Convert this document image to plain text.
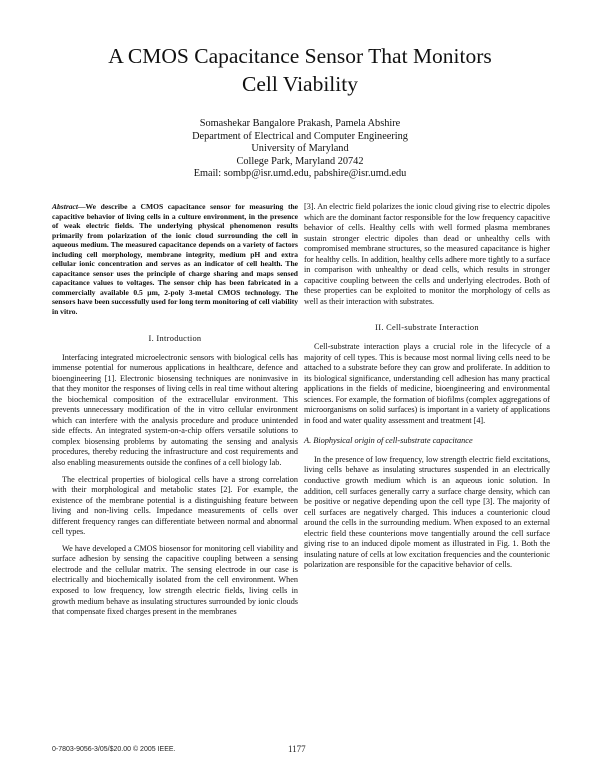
A CMOS Capacitance Sensor That Monitors
Cell Viability
Somashekar Bangalore Prakash, Pamela Abshire
Department of Electrical and Computer Engineering
University of Maryland
College Park, Maryland 20742
Email: sombp@isr.umd.edu, pabshire@isr.umd.edu
Abstract—We describe a CMOS capacitance sensor for measuring the capacitive behavior of living cells in a culture environment, in the presence of weak electric fields. The underlying physical phenomenon results primarily from polarization of the ionic cloud surrounding the cell in aqueous medium. The measured capacitance depends on a variety of factors including cell morphology, membrane integrity, medium pH and extra cellular ionic concentration and serves as an indicator of cell health. The capacitance sensor uses the principle of charge sharing and maps sensed capacitance values to voltages. The sensor chip has been fabricated in a commercially available 0.5 μm, 2-poly 3-metal CMOS technology. The sensors have been successfully used for long term monitoring of cell viability in vitro.
I. Introduction

Interfacing integrated microelectronic sensors with biological cells has immense potential for numerous applications in healthcare, defence and bioengineering [1]. Electronic biosensing techniques are noninvasive in that they monitor the responses of living cells in real time without altering the biochemical composition of the extracellular environment. This prevents unnecessary modification of the in vitro cellular environment which can interfere with the analysis procedure and produce unintended side effects. An integrated system-on-a-chip offers versatile solutions to complex biosensing problems by automating the sensing and analysis procedures, thereby reducing the infrastructure and cost requirements and also enabling measurements outside the confines of a cell biology lab.

The electrical properties of biological cells have a strong correlation with their morphological and metabolic states [2]. For example, the existence of the membrane potential is a distinguishing feature between living and non-living cells. Impedance measurements of cells over different frequency ranges can differentiate between normal and abnormal cell types.

We have developed a CMOS biosensor for monitoring cell viability and surface adhesion by sensing the capacitive coupling between a sensing electrode and the cellular matrix. The sensing electrode in our case is electrically and biochemically isolated from the cell environment. When exposed to low frequency, low strength electric fields, living cells in growth medium behave as insulating structures surrounded by ionic clouds that compensate fixed charges present in the membranes

[3]. An electric field polarizes the ionic cloud giving rise to electric dipoles which are the dominant factor responsible for the low frequency capacitive behavior of cells. Healthy cells with well formed plasma membranes sustain stronger electric dipoles than dead or unhealthy cells with compromised membrane structures, so the measured capacitance is higher for healthy cells. In addition, healthy cells adhere more tightly to a surface in comparison with unhealthy or dead cells, which results in stronger capacitive coupling between the cells and underlying electrodes. Both of these properties can be exploited to monitor the morphology of cells as well as their interaction with substrates.

II. Cell-substrate Interaction

Cell-substrate interaction plays a crucial role in the lifecycle of a majority of cell types. This is because most normal living cells need to be attached to a substrate before they can grow and proliferate. In addition to its biological significance, understanding cell adhesion has many practical applications in the fields of medicine, bioengineering and environmental sciences. For example, the formation of biofilms (complex aggregations of microorganisms on solid surfaces) is important in a variety of applications in food and water quality assessment and treatment [4].

A. Biophysical origin of cell-substrate capacitance

In the presence of low frequency, low strength electric field excitations, living cells behave as insulating structures suspended in an electrically conductive growth medium which is an aqueous ionic solution. In addition, cell surfaces generally carry a surface charge density, which can be positive or negative depending upon the cell type [3]. The majority of cell surfaces are negatively charged. This induces a counterionic cloud around the cells in the surrounding medium. When exposed to an external electric field these counterions move tangentially around the cell surface giving rise to an induced dipole moment as illustrated in Fig. 1. Both the insulating nature of cells at low excitation frequencies and the counterionic polarization are responsible for the capacitive behavior of cells.

0-7803-9056-3/05/$20.00 © 2005 IEEE.	1177
